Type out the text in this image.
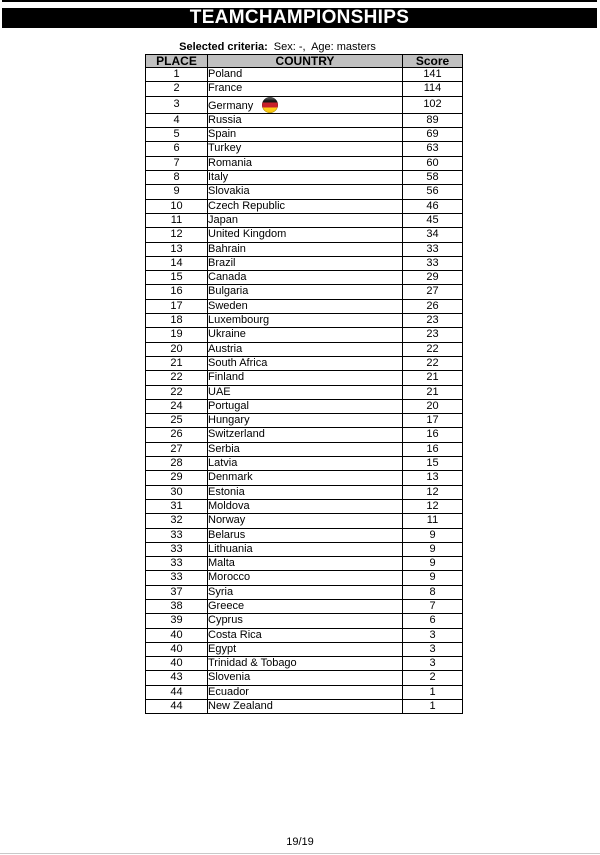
TEAMCHAMPIONSHIPS

Selected criteria: Sex: -,  Age: masters

PLACE	COUNTRY	Score
1	Poland	141
2	France	114
3	Germany	102
4	Russia	89
5	Spain	69
6	Turkey	63
7	Romania	60
8	Italy	58
9	Slovakia	56
10	Czech Republic	46
11	Japan	45
12	United Kingdom	34
13	Bahrain	33
14	Brazil	33
15	Canada	29
16	Bulgaria	27
17	Sweden	26
18	Luxembourg	23
19	Ukraine	23
20	Austria	22
21	South Africa	22
22	Finland	21
22	UAE	21
24	Portugal	20
25	Hungary	17
26	Switzerland	16
27	Serbia	16
28	Latvia	15
29	Denmark	13
30	Estonia	12
31	Moldova	12
32	Norway	11
33	Belarus	9
33	Lithuania	9
33	Malta	9
33	Morocco	9
37	Syria	8
38	Greece	7
39	Cyprus	6
40	Costa Rica	3
40	Egypt	3
40	Trinidad & Tobago	3
43	Slovenia	2
44	Ecuador	1
44	New Zealand	1
19/19
